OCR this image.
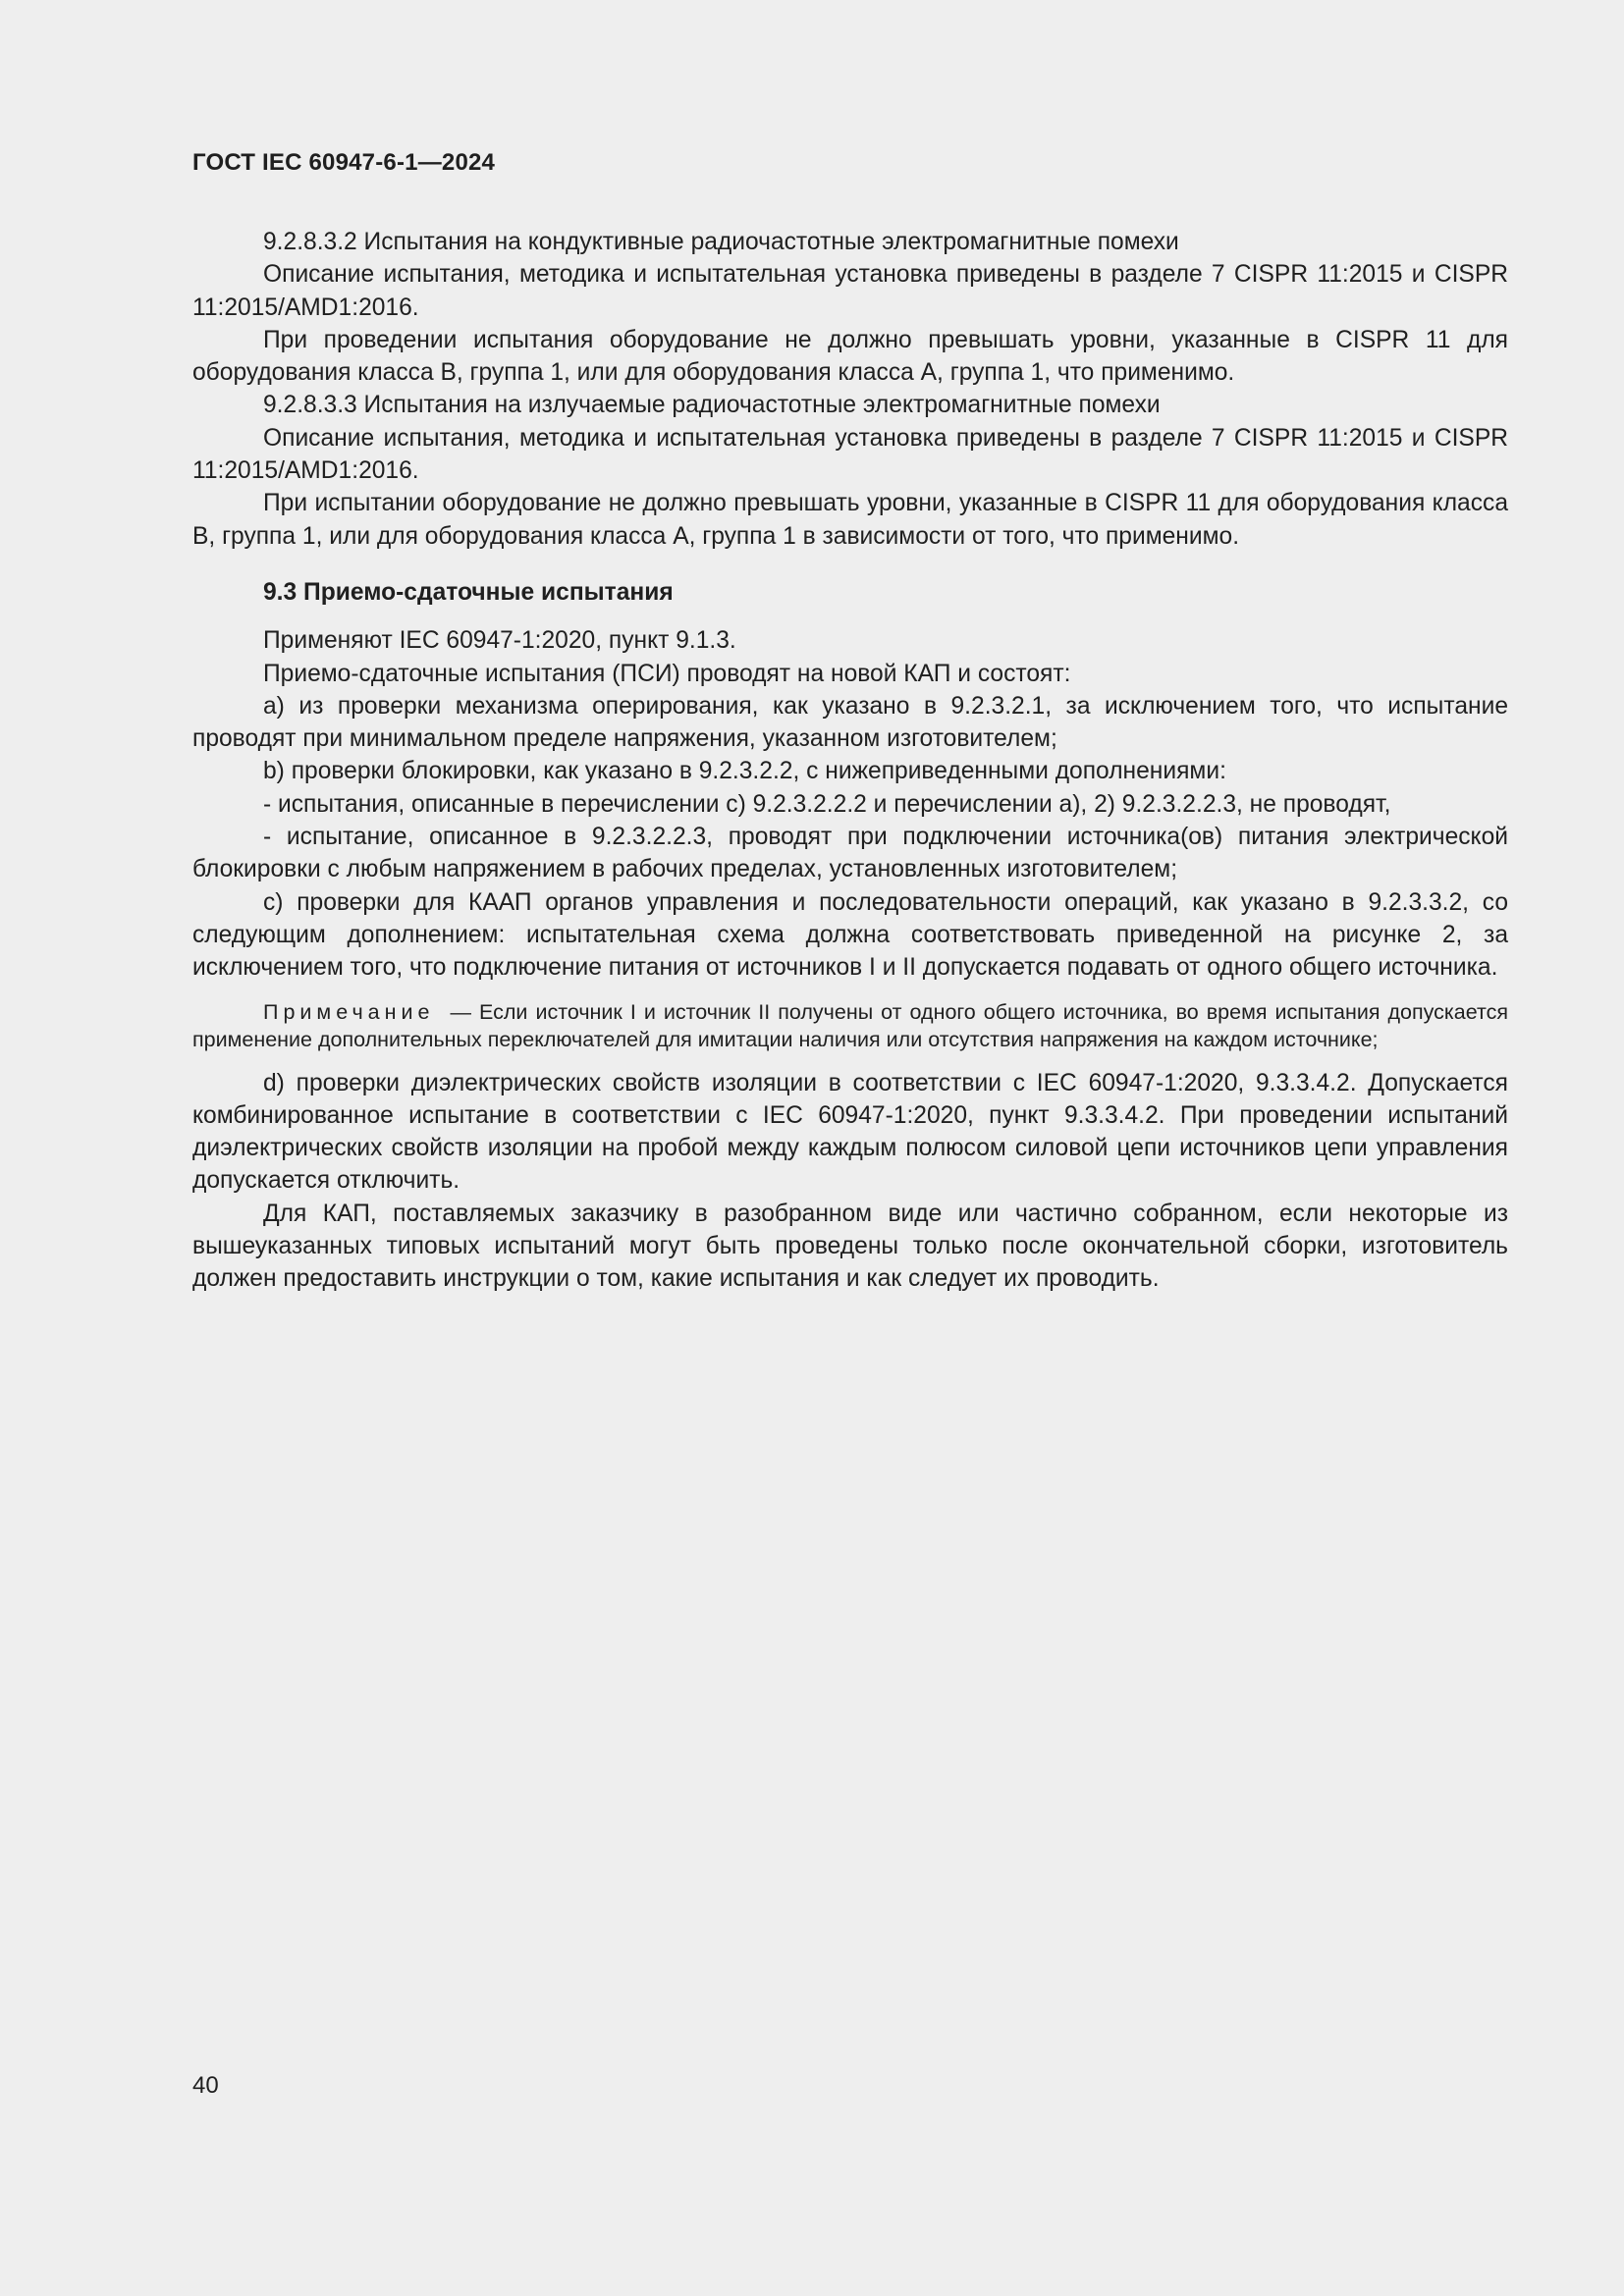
ГОСТ IEC 60947-6-1—2024

9.2.8.3.2 Испытания на кондуктивные радиочастотные электромагнитные помехи

Описание испытания, методика и испытательная установка приведены в разделе 7 CISPR 11:2015 и CISPR 11:2015/AMD1:2016.

При проведении испытания оборудование не должно превышать уровни, указанные в CISPR 11 для оборудования класса В, группа 1, или для оборудования класса А, группа 1, что применимо.

9.2.8.3.3 Испытания на излучаемые радиочастотные электромагнитные помехи

Описание испытания, методика и испытательная установка приведены в разделе 7 CISPR 11:2015 и CISPR 11:2015/AMD1:2016.

При испытании оборудование не должно превышать уровни, указанные в CISPR 11 для оборудования класса В, группа 1, или для оборудования класса А, группа 1 в зависимости от того, что применимо.

9.3 Приемо-сдаточные испытания

Применяют IEC 60947-1:2020, пункт 9.1.3.

Приемо-сдаточные испытания (ПСИ) проводят на новой КАП и состоят:

a) из проверки механизма оперирования, как указано в 9.2.3.2.1, за исключением того, что испытание проводят при минимальном пределе напряжения, указанном изготовителем;

b) проверки блокировки, как указано в 9.2.3.2.2, с нижеприведенными дополнениями:

- испытания, описанные в перечислении с) 9.2.3.2.2.2 и перечислении а), 2) 9.2.3.2.2.3, не проводят,

- испытание, описанное в 9.2.3.2.2.3, проводят при подключении источника(ов) питания электрической блокировки с любым напряжением в рабочих пределах, установленных изготовителем;

c) проверки для КААП органов управления и последовательности операций, как указано в 9.2.3.3.2, со следующим дополнением: испытательная схема должна соответствовать приведенной на рисунке 2, за исключением того, что подключение питания от источников I и II допускается подавать от одного общего источника.

Примечание — Если источник I и источник II получены от одного общего источника, во время испытания допускается применение дополнительных переключателей для имитации наличия или отсутствия напряжения на каждом источнике;

d) проверки диэлектрических свойств изоляции в соответствии с IEC 60947-1:2020, 9.3.3.4.2. Допускается комбинированное испытание в соответствии с IEC 60947-1:2020, пункт 9.3.3.4.2. При проведении испытаний диэлектрических свойств изоляции на пробой между каждым полюсом силовой цепи источников цепи управления допускается отключить.

Для КАП, поставляемых заказчику в разобранном виде или частично собранном, если некоторые из вышеуказанных типовых испытаний могут быть проведены только после окончательной сборки, изготовитель должен предоставить инструкции о том, какие испытания и как следует их проводить.

40
